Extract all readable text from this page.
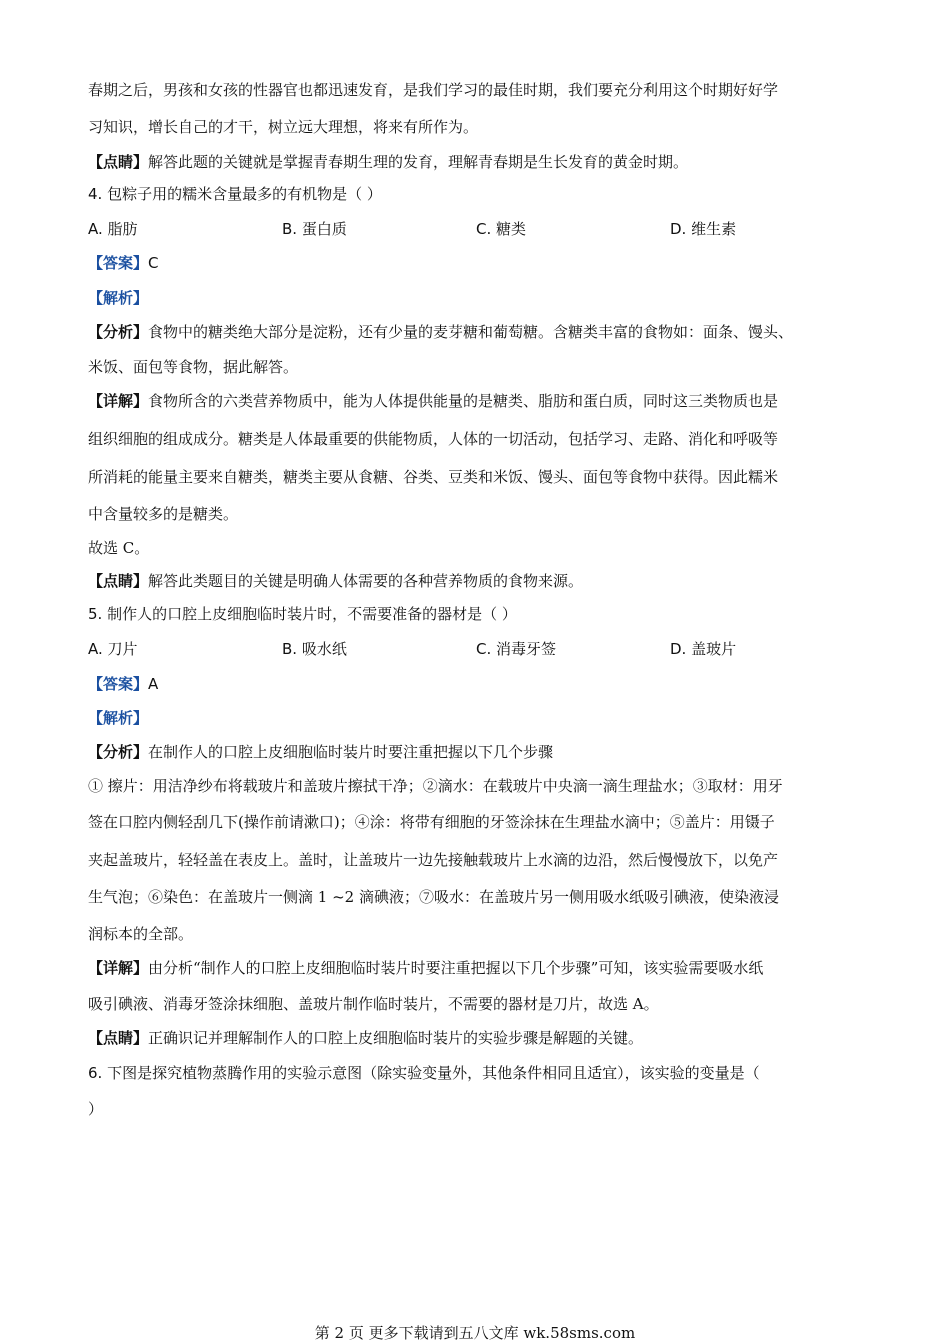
春期之后，男孩和女孩的性器官也都迅速发育，是我们学习的最佳时期，我们要充分利用这个时期好好学
习知识，增长自己的才干，树立远大理想，将来有所作为。
【点睛】解答此题的关键就是掌握青春期生理的发育，理解青春期是生长发育的黄金时期。
4. 包粽子用的糯米含量最多的有机物是（ ）
A. 脂肪	B. 蛋白质	C. 糖类	D. 维生素
【答案】C
【解析】
【分析】食物中的糖类绝大部分是淀粉，还有少量的麦芽糖和葡萄糖。含糖类丰富的食物如：面条、馒头、
米饭、面包等食物，据此解答。
【详解】食物所含的六类营养物质中，能为人体提供能量的是糖类、脂肪和蛋白质，同时这三类物质也是
组织细胞的组成成分。糖类是人体最重要的供能物质，人体的一切活动，包括学习、走路、消化和呼吸等
所消耗的能量主要来自糖类，糖类主要从食糖、谷类、豆类和米饭、馒头、面包等食物中获得。因此糯米
中含量较多的是糖类。
故选 C。
【点睛】解答此类题目的关键是明确人体需要的各种营养物质的食物来源。
5. 制作人的口腔上皮细胞临时装片时，不需要准备的器材是（ ）
A. 刀片	B. 吸水纸	C. 消毒牙签	D. 盖玻片
【答案】A
【解析】
【分析】在制作人的口腔上皮细胞临时装片时要注重把握以下几个步骤
① 擦片：用洁净纱布将载玻片和盖玻片擦拭干净；②滴水：在载玻片中央滴一滴生理盐水；③取材：用牙
签在口腔内侧轻刮几下(操作前请漱口)；④涂：将带有细胞的牙签涂抹在生理盐水滴中；⑤盖片：用镊子
夹起盖玻片，轻轻盖在表皮上。盖时，让盖玻片一边先接触载玻片上水滴的边沿，然后慢慢放下，以免产
生气泡；⑥染色：在盖玻片一侧滴 1 ~2 滴碘液；⑦吸水：在盖玻片另一侧用吸水纸吸引碘液，使染液浸
润标本的全部。
【详解】由分析“制作人的口腔上皮细胞临时装片时要注重把握以下几个步骤”可知，该实验需要吸水纸
吸引碘液、消毒牙签涂抹细胞、盖玻片制作临时装片，不需要的器材是刀片，故选 A。
【点睛】正确识记并理解制作人的口腔上皮细胞临时装片的实验步骤是解题的关键。
6. 下图是探究植物蒸腾作用的实验示意图（除实验变量外，其他条件相同且适宜），该实验的变量是（
）
第 2 页 更多下载请到五八文库 wk.58sms.com
